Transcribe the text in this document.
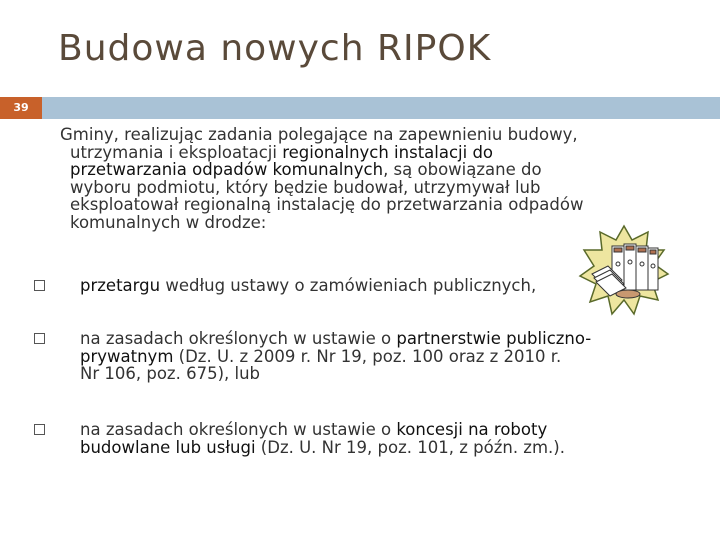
Budowa nowych RIPOK
39
Gminy, realizując zadania polegające na zapewnieniu budowy,
utrzymania i eksploatacji regionalnych instalacji do
przetwarzania odpadów komunalnych, są obowiązane do
wyboru podmiotu, który będzie budował, utrzymywał lub
eksploatował regionalną instalację do przetwarzania odpadów
komunalnych w drodze:
przetargu według ustawy o zamówieniach publicznych,
na zasadach określonych w ustawie o partnerstwie publiczno-
prywatnym (Dz. U. z 2009 r. Nr 19, poz. 100 oraz z 2010 r.
Nr 106, poz. 675), lub
na zasadach określonych w ustawie o koncesji na roboty
budowlane lub usługi (Dz. U. Nr 19, poz. 101, z późn. zm.).
